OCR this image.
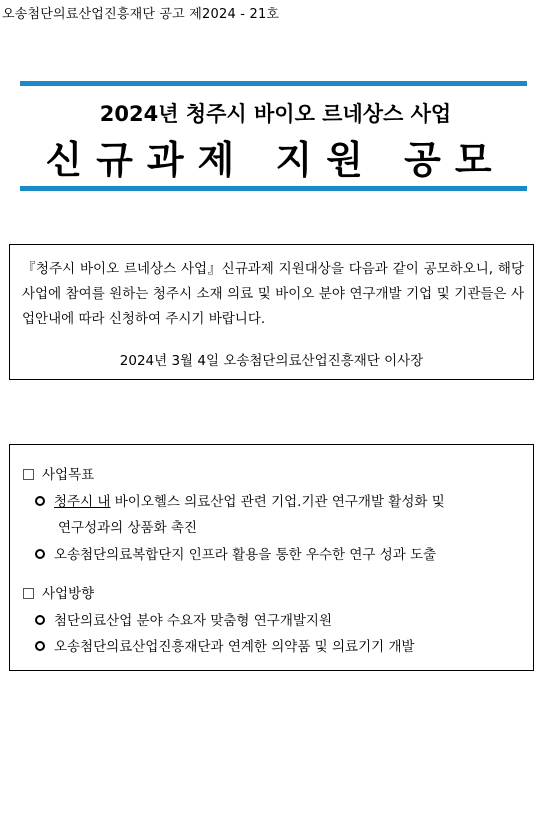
오송첨단의료산업진흥재단 공고 제2024 - 21호
2024년 청주시 바이오 르네상스 사업
신규과제 지원 공모
『청주시 바이오 르네상스 사업』신규과제 지원대상을 다음과 같이 공모하오니, 해당 사업에 참여를 원하는 청주시 소재 의료 및 바이오 분야 연구개발 기업 및 기관들은 사업안내에 따라 신청하여 주시기 바랍니다.
2024년 3월 4일 오송첨단의료산업진흥재단 이사장
사업목표
청주시 내 바이오헬스 의료산업 관련 기업.기관 연구개발 활성화 및
연구성과의 상품화 촉진
오송첨단의료복합단지 인프라 활용을 통한 우수한 연구 성과 도출
사업방향
첨단의료산업 분야 수요자 맞춤형 연구개발지원
오송첨단의료산업진흥재단과 연계한 의약품 및 의료기기 개발
